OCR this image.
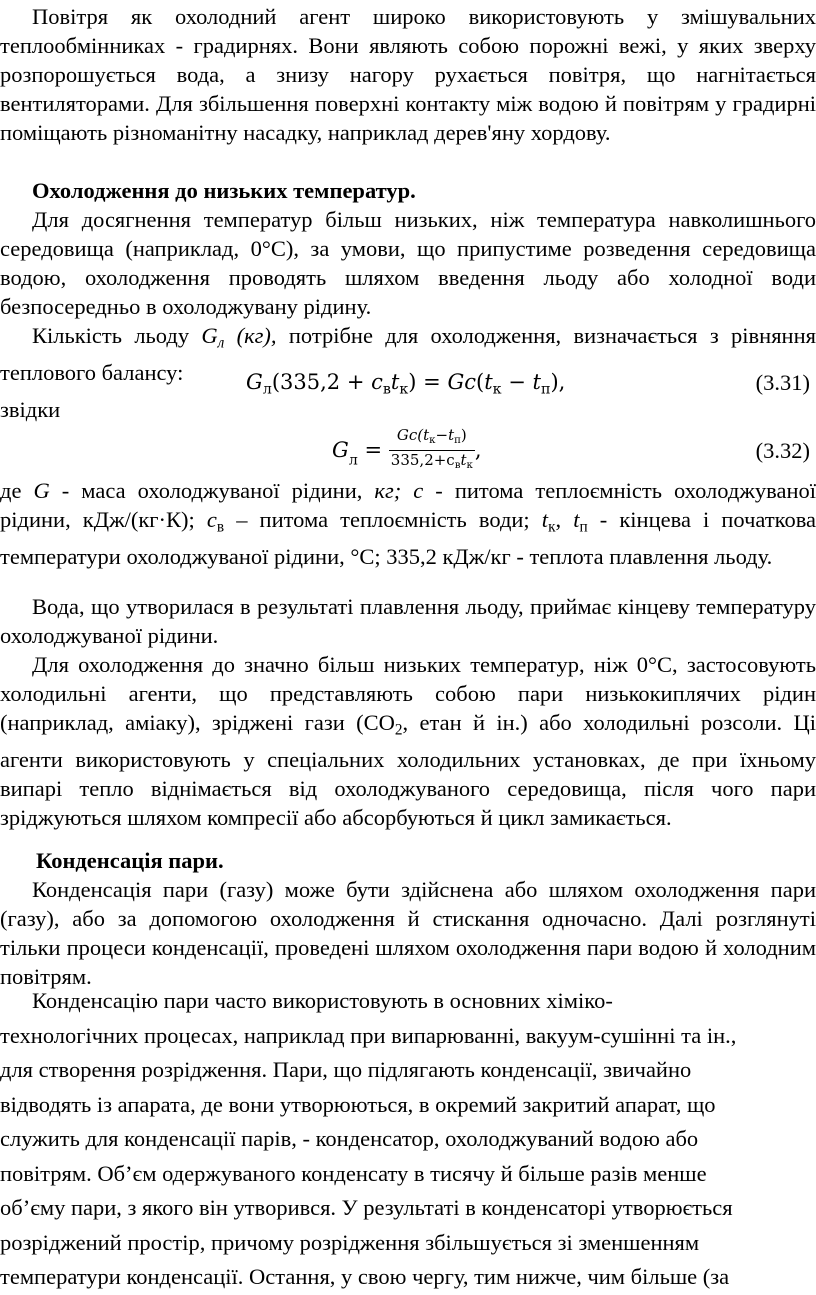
Повітря як охолодний агент широко використовують у змішувальних теплообмінниках - градирнях. Вони являють собою порожні вежі, у яких зверху розпорошується вода, а знизу нагору рухається повітря, що нагнітається вентиляторами. Для збільшення поверхні контакту між водою й повітрям у градирні поміщають різноманітну насадку, наприклад дерев'яну хордову.

Охолодження до низьких температур.

Для досягнення температур більш низьких, ніж температура навколишнього середовища (наприклад, 0°С), за умови, що припустиме розведення середовища водою, охолодження проводять шляхом введення льоду або холодної води безпосередньо в охолоджувану рідину.

Кількість льоду $G_л$ (кг), потрібне для охолодження, визначається з рівняння теплового балансу:	$G_л(335,2 + c_вt_к) = Gc(t_к - t_п)$,	(3.31)

звідки

$G_л = \frac{Gc(t_к-t_п)}{335,2+c_вt_к}$ ,	(3.32)

де G - маса охолоджуваної рідини, кг; с - питома теплоємність охолоджуваної рідини, кДж/(кг·К); $c_в$ – питома теплоємність води; $t_к$, $t_п$ - кінцева і початкова температури охолоджуваної рідини, °С; 335,2 кДж/кг - теплота плавлення льоду.

Вода, що утворилася в результаті плавлення льоду, приймає кінцеву температуру охолоджуваної рідини.

Для охолодження до значно більш низьких температур, ніж 0°С, застосовують холодильні агенти, що представляють собою пари низькокиплячих рідин (наприклад, аміаку), зріджені гази ($СО_2$, етан й ін.) або холодильні розсоли. Ці агенти використовують у спеціальних холодильних установках, де при їхньому випарі тепло віднімається від охолоджуваного середовища, після чого пари зріджуються шляхом компресії або абсорбуються й цикл замикається.

Конденсація пари.

Конденсація пари (газу) може бути здійснена або шляхом охолодження пари (газу), або за допомогою охолодження й стискання одночасно. Далі розглянуті тільки процеси конденсації, проведені шляхом охолодження пари водою й холодним повітрям.

Конденсацію пари часто використовують в основних хіміко-
технологічних процесах, наприклад при випарюванні, вакуум-сушінні та ін.,
для створення розрідження. Пари, що підлягають конденсації, звичайно
відводять із апарата, де вони утворюються, в окремий закритий апарат, що
служить для конденсації парів, - конденсатор, охолоджуваний водою або
повітрям. Об’єм одержуваного конденсату в тисячу й більше разів менше
об’єму пари, з якого він утворився. У результаті в конденсаторі утворюється
розріджений простір, причому розрідження збільшується зі зменшенням
температури конденсації. Остання, у свою чергу, тим нижче, чим більше (за
